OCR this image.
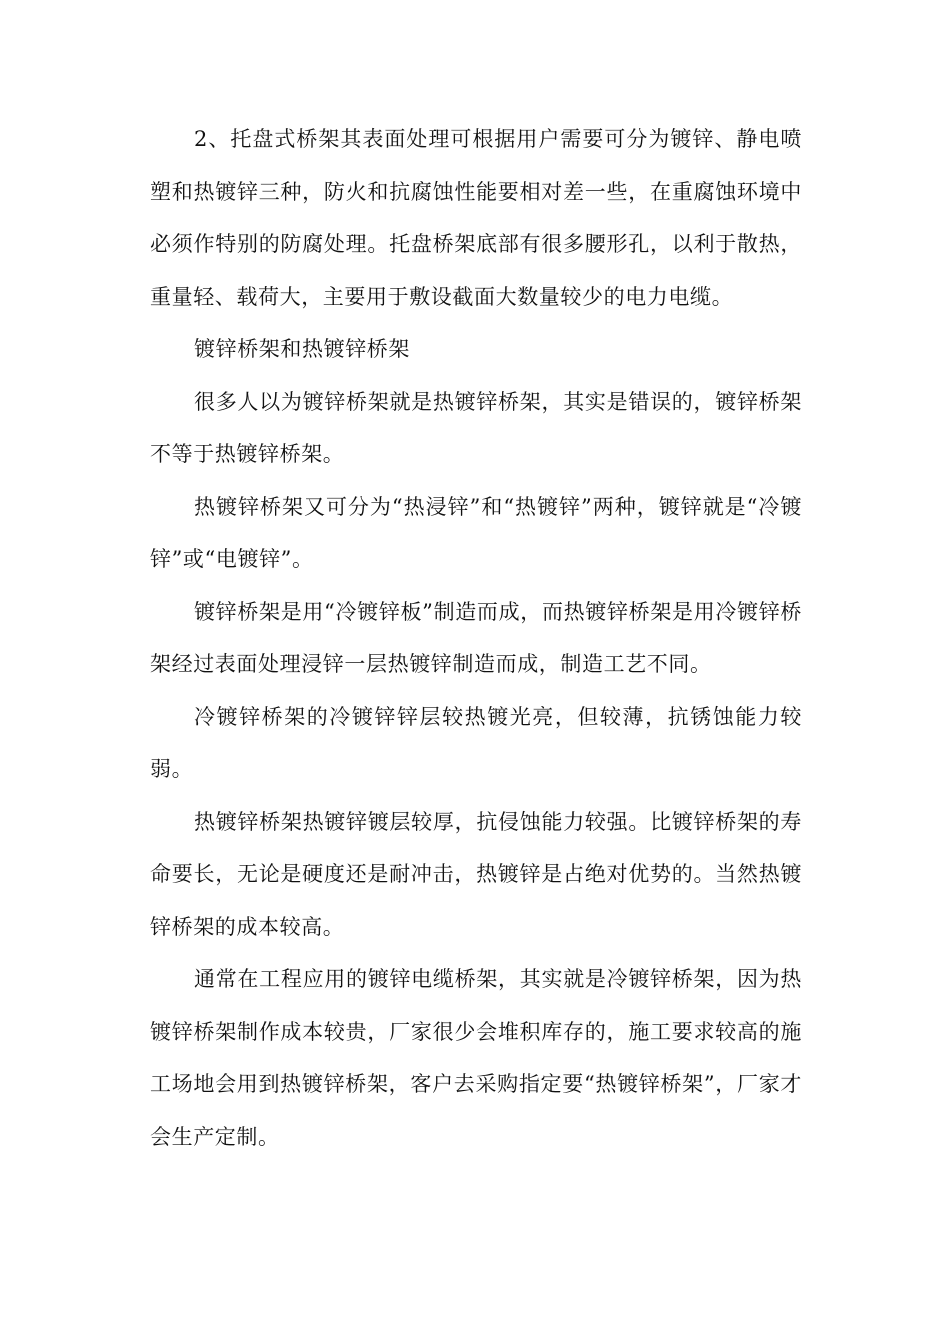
2、托盘式桥架其表面处理可根据用户需要可分为镀锌、静电喷塑和热镀锌三种，防火和抗腐蚀性能要相对差一些，在重腐蚀环境中必须作特别的防腐处理。托盘桥架底部有很多腰形孔，以利于散热，重量轻、载荷大，主要用于敷设截面大数量较少的电力电缆。

镀锌桥架和热镀锌桥架

很多人以为镀锌桥架就是热镀锌桥架，其实是错误的，镀锌桥架不等于热镀锌桥架。

热镀锌桥架又可分为“热浸锌”和“热镀锌”两种，镀锌就是“冷镀锌”或“电镀锌”。

镀锌桥架是用“冷镀锌板”制造而成，而热镀锌桥架是用冷镀锌桥架经过表面处理浸锌一层热镀锌制造而成，制造工艺不同。

冷镀锌桥架的冷镀锌锌层较热镀光亮，但较薄，抗锈蚀能力较弱。

热镀锌桥架热镀锌镀层较厚，抗侵蚀能力较强。比镀锌桥架的寿命要长，无论是硬度还是耐冲击，热镀锌是占绝对优势的。当然热镀锌桥架的成本较高。

通常在工程应用的镀锌电缆桥架，其实就是冷镀锌桥架，因为热镀锌桥架制作成本较贵，厂家很少会堆积库存的，施工要求较高的施工场地会用到热镀锌桥架，客户去采购指定要“热镀锌桥架”，厂家才会生产定制。
